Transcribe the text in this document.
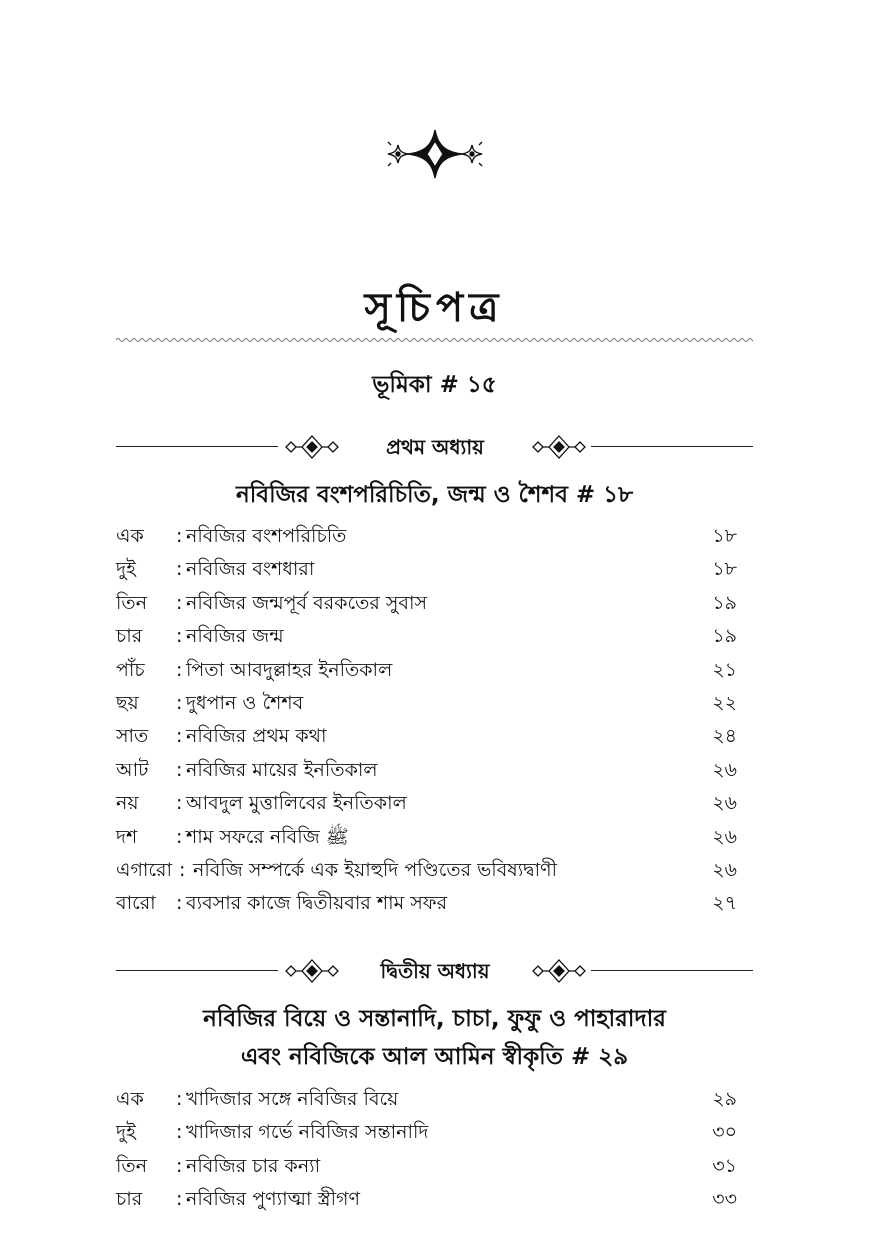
সূচিপত্র
ভূমিকা # ১৫
প্রথম অধ্যায়
নবিজির বংশপরিচিতি, জন্ম ও শৈশব # ১৮
এক : নবিজির বংশপরিচিতি	১৮
দুই : নবিজির বংশধারা	১৮
তিন : নবিজির জন্মপূর্ব বরকতের সুবাস	১৯
চার : নবিজির জন্ম	১৯
পাঁচ : পিতা আবদুল্লাহর ইনতিকাল	২১
ছয় : দুধপান ও শৈশব	২২
সাত : নবিজির প্রথম কথা	২৪
আট : নবিজির মায়ের ইনতিকাল	২৬
নয় : আবদুল মুত্তালিবের ইনতিকাল	২৬
দশ : শাম সফরে নবিজি ﷺ	২৬
এগারো : নবিজি সম্পর্কে এক ইয়াহুদি পণ্ডিতের ভবিষ্যদ্বাণী	২৬
বারো : ব্যবসার কাজে দ্বিতীয়বার শাম সফর	২৭
দ্বিতীয় অধ্যায়
নবিজির বিয়ে ও সন্তানাদি, চাচা, ফুফু ও পাহারাদার
এবং নবিজিকে আল আমিন স্বীকৃতি # ২৯
এক : খাদিজার সঙ্গে নবিজির বিয়ে	২৯
দুই : খাদিজার গর্ভে নবিজির সন্তানাদি	৩০
তিন : নবিজির চার কন্যা	৩১
চার : নবিজির পুণ্যাত্মা স্ত্রীগণ	৩৩
